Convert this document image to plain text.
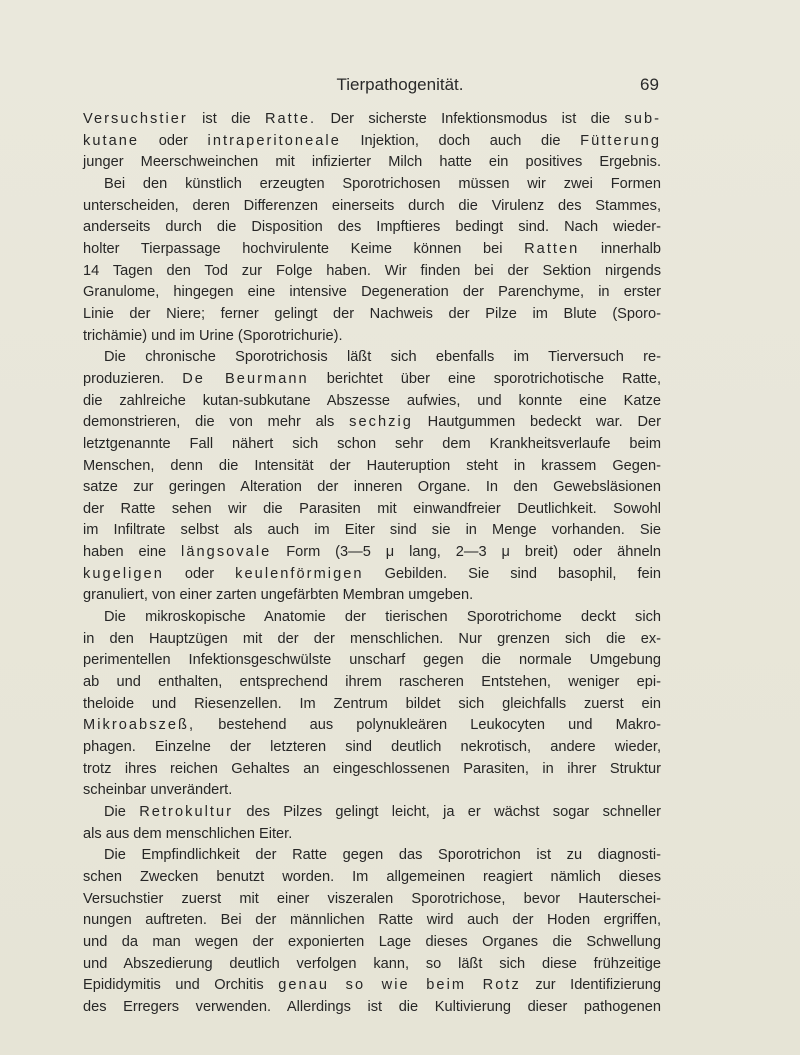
Tierpathogenität.	69
Versuchstier ist die Ratte. Der sicherste Infektionsmodus ist die sub-
kutane oder intraperitoneale Injektion, doch auch die Fütterung
junger Meerschweinchen mit infizierter Milch hatte ein positives Ergebnis.
Bei den künstlich erzeugten Sporotrichosen müssen wir zwei Formen
unterscheiden, deren Differenzen einerseits durch die Virulenz des Stammes,
anderseits durch die Disposition des Impftieres bedingt sind. Nach wieder-
holter Tierpassage hochvirulente Keime können bei Ratten innerhalb
14 Tagen den Tod zur Folge haben. Wir finden bei der Sektion nirgends
Granulome, hingegen eine intensive Degeneration der Parenchyme, in erster
Linie der Niere; ferner gelingt der Nachweis der Pilze im Blute (Sporo-
trichämie) und im Urine (Sporotrichurie).
Die chronische Sporotrichosis läßt sich ebenfalls im Tierversuch re-
produzieren. De Beurmann berichtet über eine sporotrichotische Ratte,
die zahlreiche kutan-subkutane Abszesse aufwies, und konnte eine Katze
demonstrieren, die von mehr als sechzig Hautgummen bedeckt war. Der
letztgenannte Fall nähert sich schon sehr dem Krankheitsverlaufe beim
Menschen, denn die Intensität der Hauteruption steht in krassem Gegen-
satze zur geringen Alteration der inneren Organe. In den Gewebsläsionen
der Ratte sehen wir die Parasiten mit einwandfreier Deutlichkeit. Sowohl
im Infiltrate selbst als auch im Eiter sind sie in Menge vorhanden. Sie
haben eine längsovale Form (3—5 μ lang, 2—3 μ breit) oder ähneln
kugeligen oder keulenförmigen Gebilden. Sie sind basophil, fein
granuliert, von einer zarten ungefärbten Membran umgeben.
Die mikroskopische Anatomie der tierischen Sporotrichome deckt sich
in den Hauptzügen mit der der menschlichen. Nur grenzen sich die ex-
perimentellen Infektionsgeschwülste unscharf gegen die normale Umgebung
ab und enthalten, entsprechend ihrem rascheren Entstehen, weniger epi-
theloide und Riesenzellen. Im Zentrum bildet sich gleichfalls zuerst ein
Mikroabszeß, bestehend aus polynukleären Leukocyten und Makro-
phagen. Einzelne der letzteren sind deutlich nekrotisch, andere wieder,
trotz ihres reichen Gehaltes an eingeschlossenen Parasiten, in ihrer Struktur
scheinbar unverändert.
Die Retrokultur des Pilzes gelingt leicht, ja er wächst sogar schneller
als aus dem menschlichen Eiter.
Die Empfindlichkeit der Ratte gegen das Sporotrichon ist zu diagnosti-
schen Zwecken benutzt worden. Im allgemeinen reagiert nämlich dieses
Versuchstier zuerst mit einer viszeralen Sporotrichose, bevor Hauterschei-
nungen auftreten. Bei der männlichen Ratte wird auch der Hoden ergriffen,
und da man wegen der exponierten Lage dieses Organes die Schwellung
und Abszedierung deutlich verfolgen kann, so läßt sich diese frühzeitige
Epididymitis und Orchitis genau so wie beim Rotz zur Identifizierung
des Erregers verwenden. Allerdings ist die Kultivierung dieser pathogenen
